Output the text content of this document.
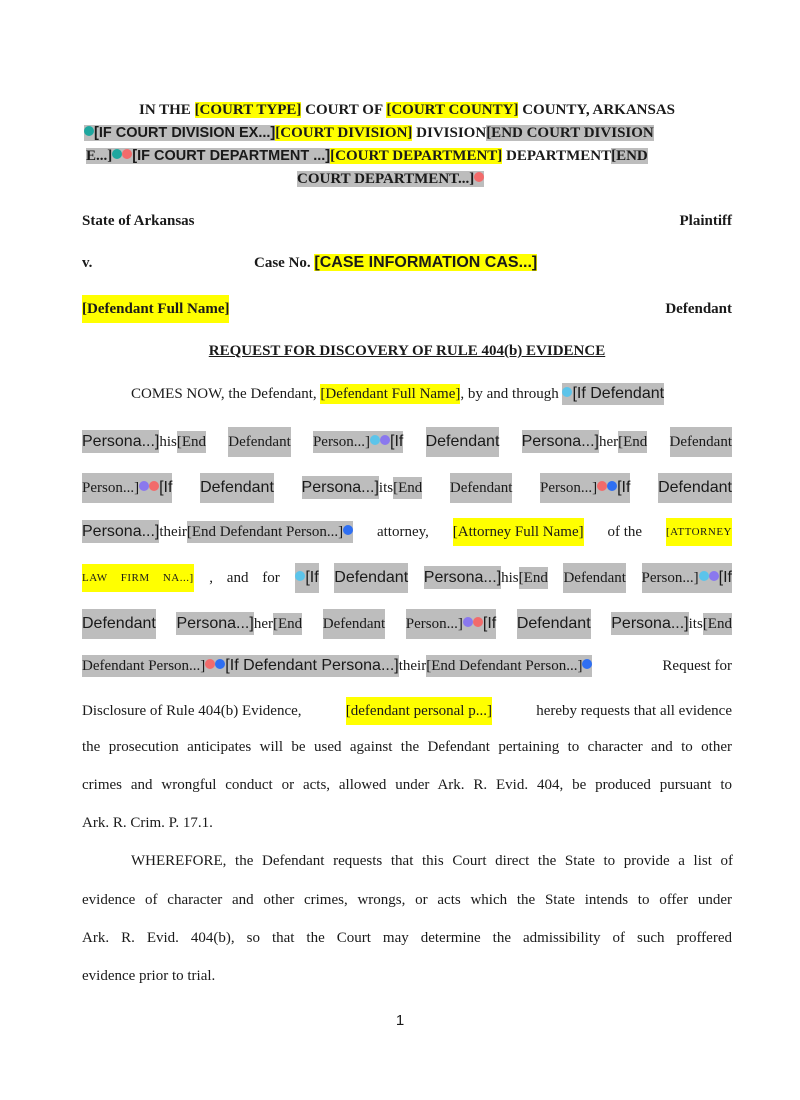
IN THE [COURT TYPE] COURT OF [COURT COUNTY] COUNTY, ARKANSAS
[IF COURT DIVISION EX...][COURT DIVISION] DIVISION[END COURT DIVISION
E...] [IF COURT DEPARTMENT ...][COURT DEPARTMENT] DEPARTMENT[END
COURT DEPARTMENT...]
State of Arkansas	Plaintiff
v.	Case No. [CASE INFORMATION CAS...]
[Defendant Full Name]	Defendant
REQUEST FOR DISCOVERY OF RULE 404(b) EVIDENCE
COMES NOW, the Defendant, [Defendant Full Name], by and through [If Defendant
Persona...]his[End Defendant Person...] [If Defendant Persona...]her[End Defendant
Person...] [If Defendant Persona...]its[End Defendant Person...] [If Defendant
Persona...]their[End Defendant Person...]	attorney, [Attorney Full Name] of the [ATTORNEY
LAW FIRM NA...] , and for	[If Defendant Persona...]his[End Defendant Person...] [If
Defendant Persona...]her[End Defendant Person...] [If Defendant Persona...]its[End
Defendant Person...] [If Defendant Persona...]their[End Defendant Person...]	Request for
Disclosure of Rule 404(b) Evidence,	[defendant personal p...]	hereby requests that all evidence
the prosecution anticipates will be used against the Defendant pertaining to character and to other
crimes and wrongful conduct or acts, allowed under Ark. R. Evid. 404, be produced pursuant to
Ark. R. Crim. P. 17.1.
WHEREFORE, the Defendant requests that this Court direct the State to provide a list of
evidence of character and other crimes, wrongs, or acts which the State intends to offer under
Ark. R. Evid. 404(b), so that the Court may determine the admissibility of such proffered
evidence prior to trial.
1
